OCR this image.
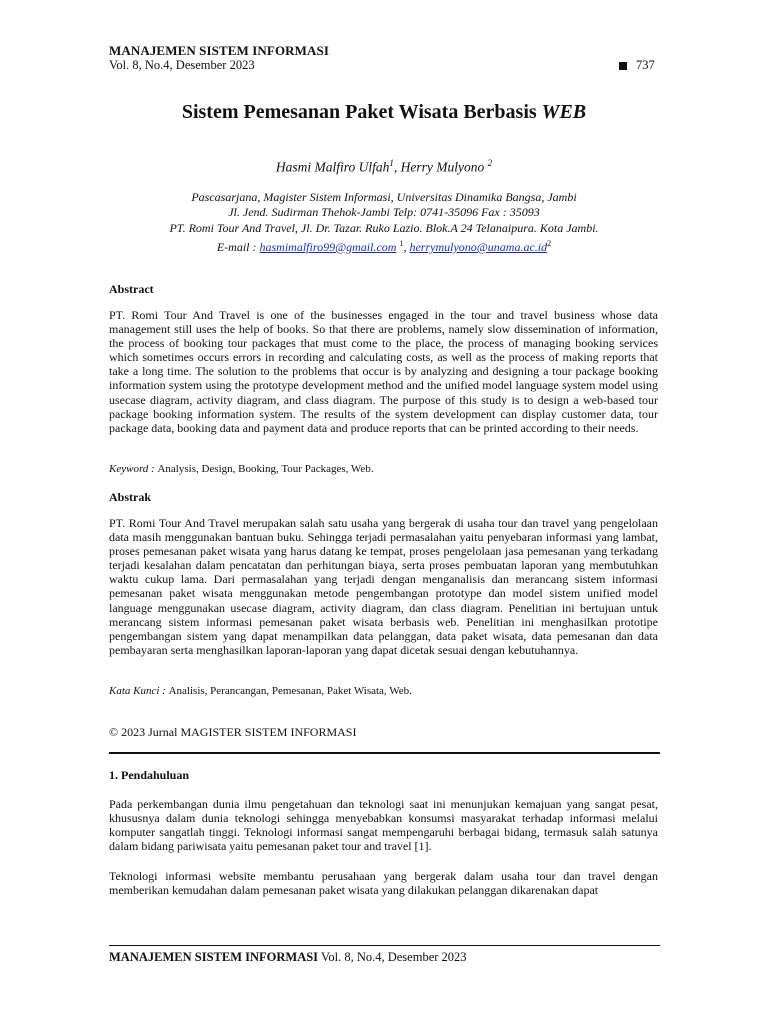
MANAJEMEN SISTEM INFORMASI
Vol. 8, No.4, Desember 2023	737
Sistem Pemesanan Paket Wisata Berbasis WEB
Hasmi Malfiro Ulfah$^1$, Herry Mulyono $^2$
Pascasarjana, Magister Sistem Informasi, Universitas Dinamika Bangsa, Jambi
Jl. Jend. Sudirman Thehok-Jambi Telp: 0741-35096 Fax : 35093
PT. Romi Tour And Travel, Jl. Dr. Tazar. Ruko Lazio. Blok.A 24 Telanaipura. Kota Jambi.
E-mail : hasmimalfiro99@gmail.com $^1$, $herrymulyono@unama.ac.id^2$
Abstract
PT. Romi Tour And Travel is one of the businesses engaged in the tour and travel business whose data management still uses the help of books. So that there are problems, namely slow dissemination of information, the process of booking tour packages that must come to the place, the process of managing booking services which sometimes occurs errors in recording and calculating costs, as well as the process of making reports that take a long time. The solution to the problems that occur is by analyzing and designing a tour package booking information system using the prototype development method and the unified model language system model using usecase diagram, activity diagram, and class diagram. The purpose of this study is to design a web-based tour package booking information system. The results of the system development can display customer data, tour package data, booking data and payment data and produce reports that can be printed according to their needs.
Keyword : Analysis, Design, Booking, Tour Packages, Web.
Abstrak
PT. Romi Tour And Travel merupakan salah satu usaha yang bergerak di usaha tour dan travel yang pengelolaan data masih menggunakan bantuan buku. Sehingga terjadi permasalahan yaitu penyebaran informasi yang lambat, proses pemesanan paket wisata yang harus datang ke tempat, proses pengelolaan jasa pemesanan yang terkadang terjadi kesalahan dalam pencatatan dan perhitungan biaya, serta proses pembuatan laporan yang membutuhkan waktu cukup lama. Dari permasalahan yang terjadi dengan menganalisis dan merancang sistem informasi pemesanan paket wisata menggunakan metode pengembangan prototype dan model sistem unified model language menggunakan usecase diagram, activity diagram, dan class diagram. Penelitian ini bertujuan untuk merancang sistem informasi pemesanan paket wisata berbasis web. Penelitian ini menghasilkan prototipe pengembangan sistem yang dapat menampilkan data pelanggan, data paket wisata, data pemesanan dan data pembayaran serta menghasilkan laporan-laporan yang dapat dicetak sesuai dengan kebutuhannya.
Kata Kunci : Analisis, Perancangan, Pemesanan, Paket Wisata, Web.
© 2023 Jurnal MAGISTER SISTEM INFORMASI
1. Pendahuluan
Pada perkembangan dunia ilmu pengetahuan dan teknologi saat ini menunjukan kemajuan yang sangat pesat, khususnya dalam dunia teknologi sehingga menyebabkan konsumsi masyarakat terhadap informasi melalui komputer sangatlah tinggi. Teknologi informasi sangat mempengaruhi berbagai bidang, termasuk salah satunya dalam bidang pariwisata yaitu pemesanan paket tour and travel [1].
Teknologi informasi website membantu perusahaan yang bergerak dalam usaha tour dan travel dengan memberikan kemudahan dalam pemesanan paket wisata yang dilakukan pelanggan dikarenakan dapat
MANAJEMEN SISTEM INFORMASI Vol. 8, No.4, Desember 2023
